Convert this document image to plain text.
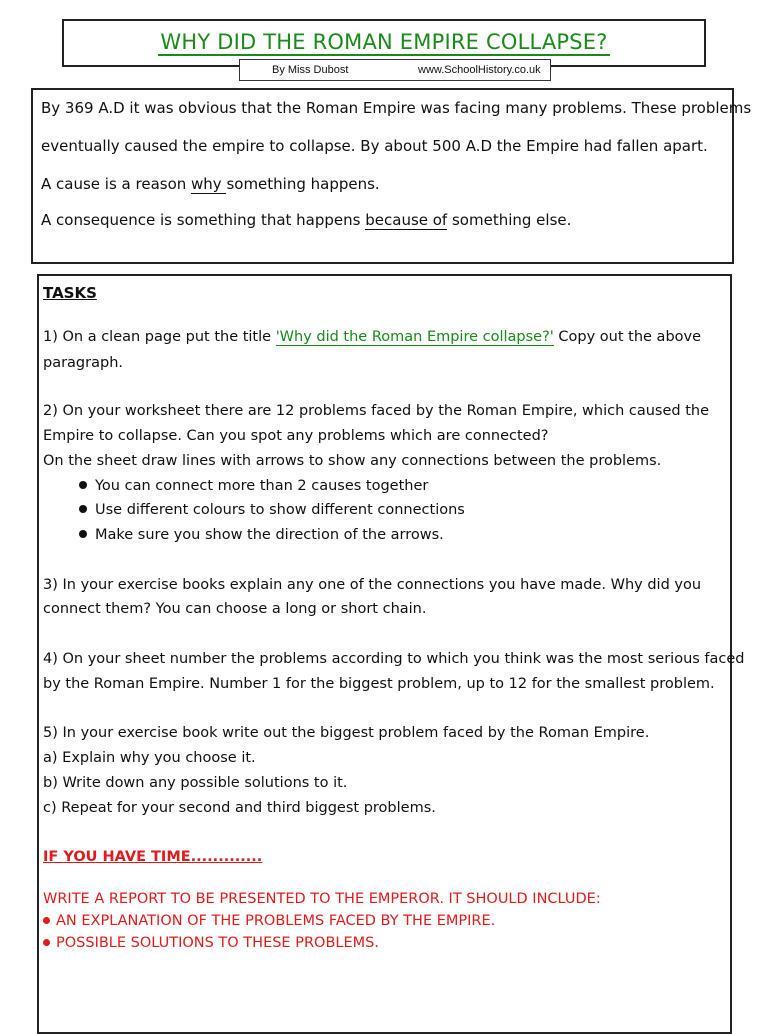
WHY DID THE ROMAN EMPIRE COLLAPSE?
By Miss Dubost	www.SchoolHistory.co.uk
By 369 A.D it was obvious that the Roman Empire was facing many problems. These problems
eventually caused the empire to collapse. By about 500 A.D the Empire had fallen apart.
A cause is a reason why something happens.
A consequence is something that happens because of something else.
TASKS
1) On a clean page put the title 'Why did the Roman Empire collapse?' Copy out the above
paragraph.
2) On your worksheet there are 12 problems faced by the Roman Empire, which caused the
Empire to collapse. Can you spot any problems which are connected?
On the sheet draw lines with arrows to show any connections between the problems.
You can connect more than 2 causes together
Use different colours to show different connections
Make sure you show the direction of the arrows.
3) In your exercise books explain any one of the connections you have made. Why did you
connect them? You can choose a long or short chain.
4) On your sheet number the problems according to which you think was the most serious faced
by the Roman Empire. Number 1 for the biggest problem, up to 12 for the smallest problem.
5) In your exercise book write out the biggest problem faced by the Roman Empire.
a) Explain why you choose it.
b) Write down any possible solutions to it.
c) Repeat for your second and third biggest problems.
IF YOU HAVE TIME.............
WRITE A REPORT TO BE PRESENTED TO THE EMPEROR. IT SHOULD INCLUDE:
AN EXPLANATION OF THE PROBLEMS FACED BY THE EMPIRE.
POSSIBLE SOLUTIONS TO THESE PROBLEMS.
